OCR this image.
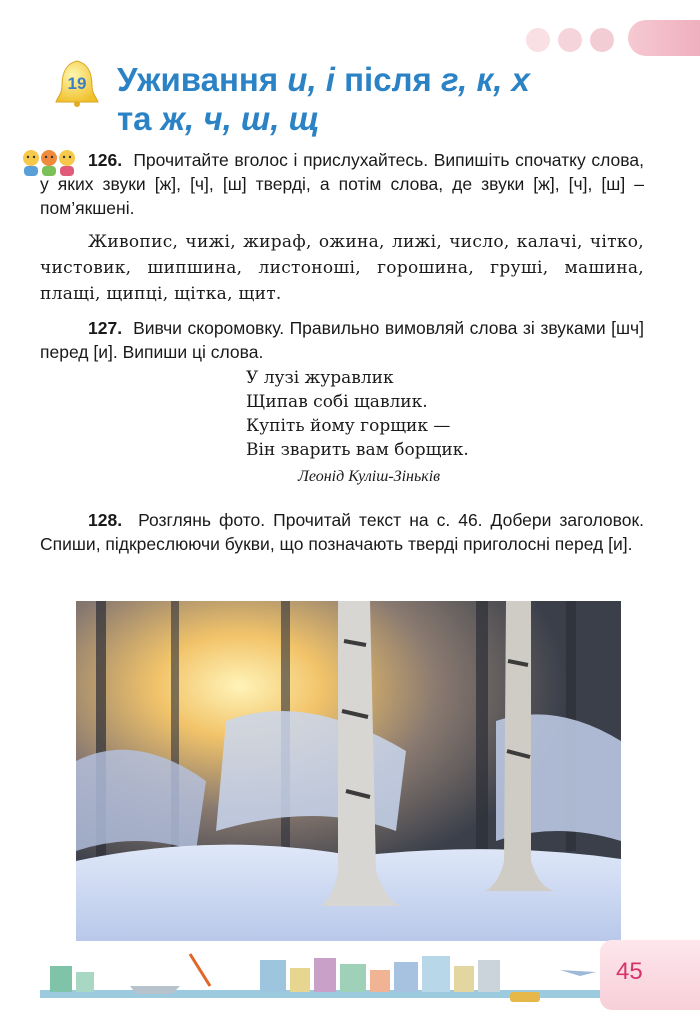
19 Уживання и, і після г, к, х
та ж, ч, ш, щ
126. Прочитайте вголос і прислухайтесь. Випишіть спочатку слова, у яких звуки [ж], [ч], [ш] тверді, а потім слова, де звуки [ж], [ч], [ш] – пом’якшені.
Живопис, чижі, жираф, ожина, лижі, число, калачі, чітко, чистовик, шипшина, листоноші, горошина, груші, машина, плащі, щипці, щітка, щит.
127. Вивчи скоромовку. Правильно вимовляй слова зі звуками [шч] перед [и]. Випиши ці слова.
У лузі журавлик
Щипав собі щавлик.
Купіть йому горщик —
Він зварить вам борщик.
Леонід Куліш-Зіньків
128. Розглянь фото. Прочитай текст на с. 46. Добери заголовок. Спиши, підкреслюючи букви, що позначають тверді приголосні перед [и].
45
